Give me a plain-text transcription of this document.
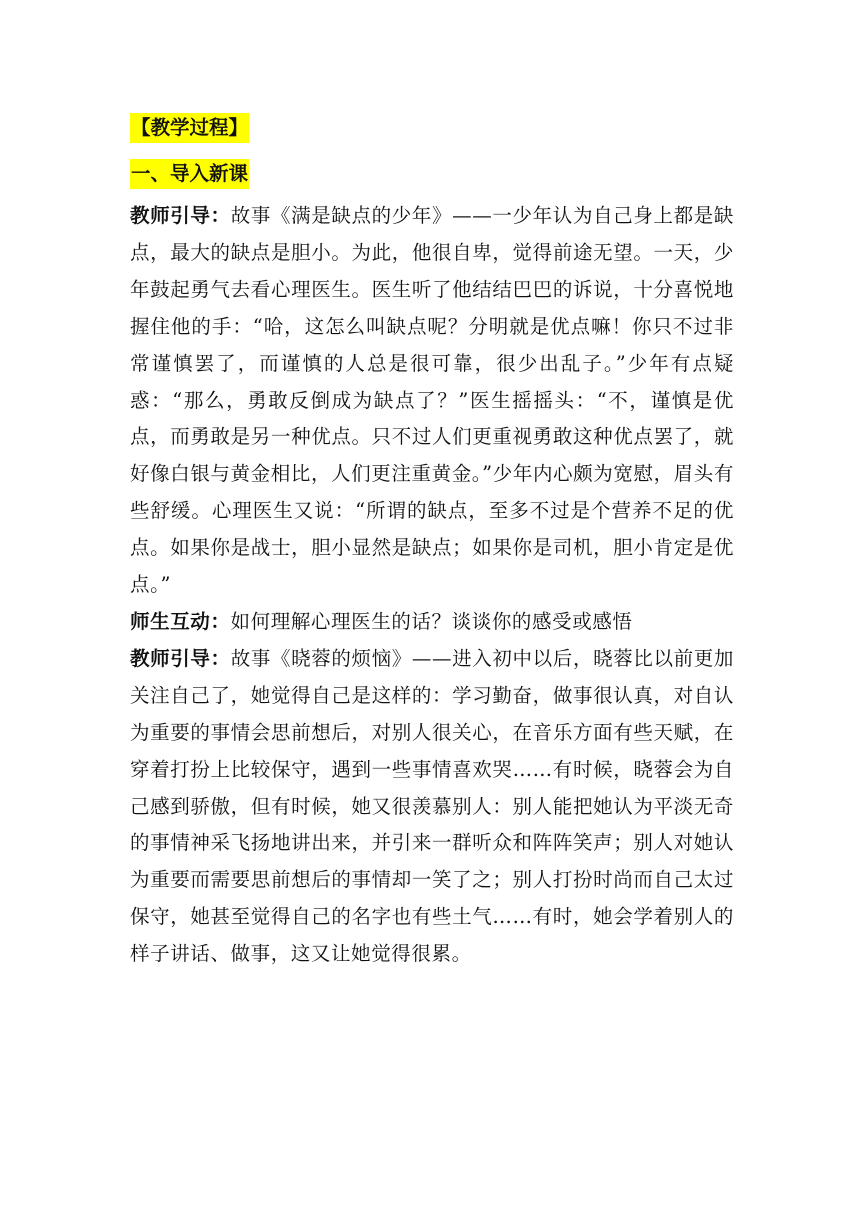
【教学过程】
一、导入新课

教师引导：故事《满是缺点的少年》——一少年认为自己身上都是缺点，最大的缺点是胆小。为此，他很自卑，觉得前途无望。一天，少年鼓起勇气去看心理医生。医生听了他结结巴巴的诉说，十分喜悦地握住他的手：“哈，这怎么叫缺点呢？分明就是优点嘛！你只不过非常谨慎罢了，而谨慎的人总是很可靠，很少出乱子。”少年有点疑惑：“那么，勇敢反倒成为缺点了？”医生摇摇头：“不，谨慎是优点，而勇敢是另一种优点。只不过人们更重视勇敢这种优点罢了，就好像白银与黄金相比，人们更注重黄金。”少年内心颇为宽慰，眉头有些舒缓。心理医生又说：“所谓的缺点，至多不过是个营养不足的优点。如果你是战士，胆小显然是缺点；如果你是司机，胆小肯定是优点。”

师生互动：如何理解心理医生的话？谈谈你的感受或感悟

教师引导：故事《晓蓉的烦恼》——进入初中以后，晓蓉比以前更加关注自己了，她觉得自己是这样的：学习勤奋，做事很认真，对自认为重要的事情会思前想后，对别人很关心，在音乐方面有些天赋，在穿着打扮上比较保守，遇到一些事情喜欢哭……有时候，晓蓉会为自己感到骄傲，但有时候，她又很羡慕别人：别人能把她认为平淡无奇的事情神采飞扬地讲出来，并引来一群听众和阵阵笑声；别人对她认为重要而需要思前想后的事情却一笑了之；别人打扮时尚而自己太过保守，她甚至觉得自己的名字也有些土气……有时，她会学着别人的样子讲话、做事，这又让她觉得很累。
